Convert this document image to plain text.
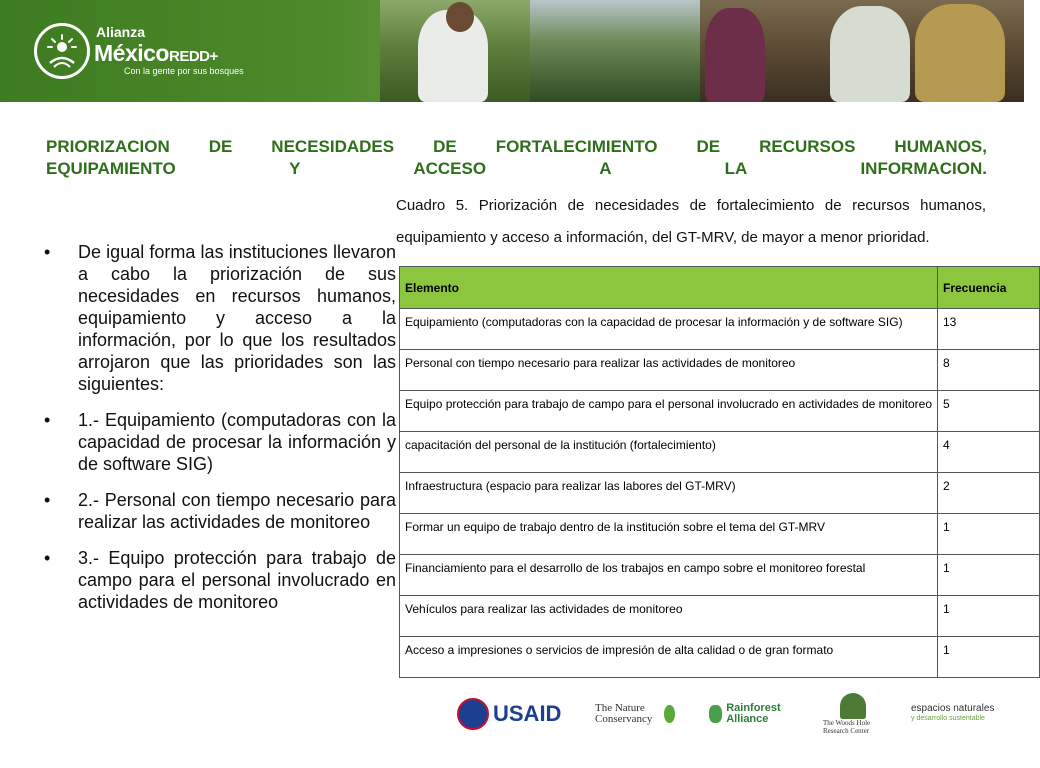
Alianza
MéxicoREDD+
Con la gente por sus bosques
PRIORIZACION DE NECESIDADES DE FORTALECIMIENTO DE RECURSOS HUMANOS,
EQUIPAMIENTO Y ACCESO A LA INFORMACION.
• De igual forma las instituciones llevaron a cabo la priorización de sus necesidades en recursos humanos, equipamiento y acceso a la información, por lo que los resultados arrojaron que las prioridades son las siguientes:
• 1.- Equipamiento (computadoras con la capacidad de procesar la información y de software SIG)
• 2.- Personal con tiempo necesario para realizar las actividades de monitoreo
• 3.- Equipo protección para trabajo de campo para el personal involucrado en actividades de monitoreo
Cuadro 5. Priorización de necesidades de fortalecimiento de recursos humanos, equipamiento y acceso a información, del GT-MRV, de mayor a menor prioridad.
Elemento	Frecuencia
Equipamiento (computadoras con la capacidad de procesar la información y de software SIG)	13
Personal con tiempo necesario para realizar las actividades de monitoreo	8
Equipo protección para trabajo de campo para el personal involucrado en actividades de monitoreo	5
capacitación del personal de la institución (fortalecimiento)	4
Infraestructura (espacio para realizar las labores del GT-MRV)	2
Formar un equipo de trabajo dentro de la institución sobre el tema del GT-MRV	1
Financiamiento para el desarrollo de los trabajos en campo sobre el monitoreo forestal	1
Vehículos para realizar las actividades de monitoreo	1
Acceso a impresiones o servicios de impresión de alta calidad o de gran formato	1
USAID	The Nature Conservancy
Rainforest Alliance	The Woods Hole Research Center
espacios naturales
y desarrollo sustentable
